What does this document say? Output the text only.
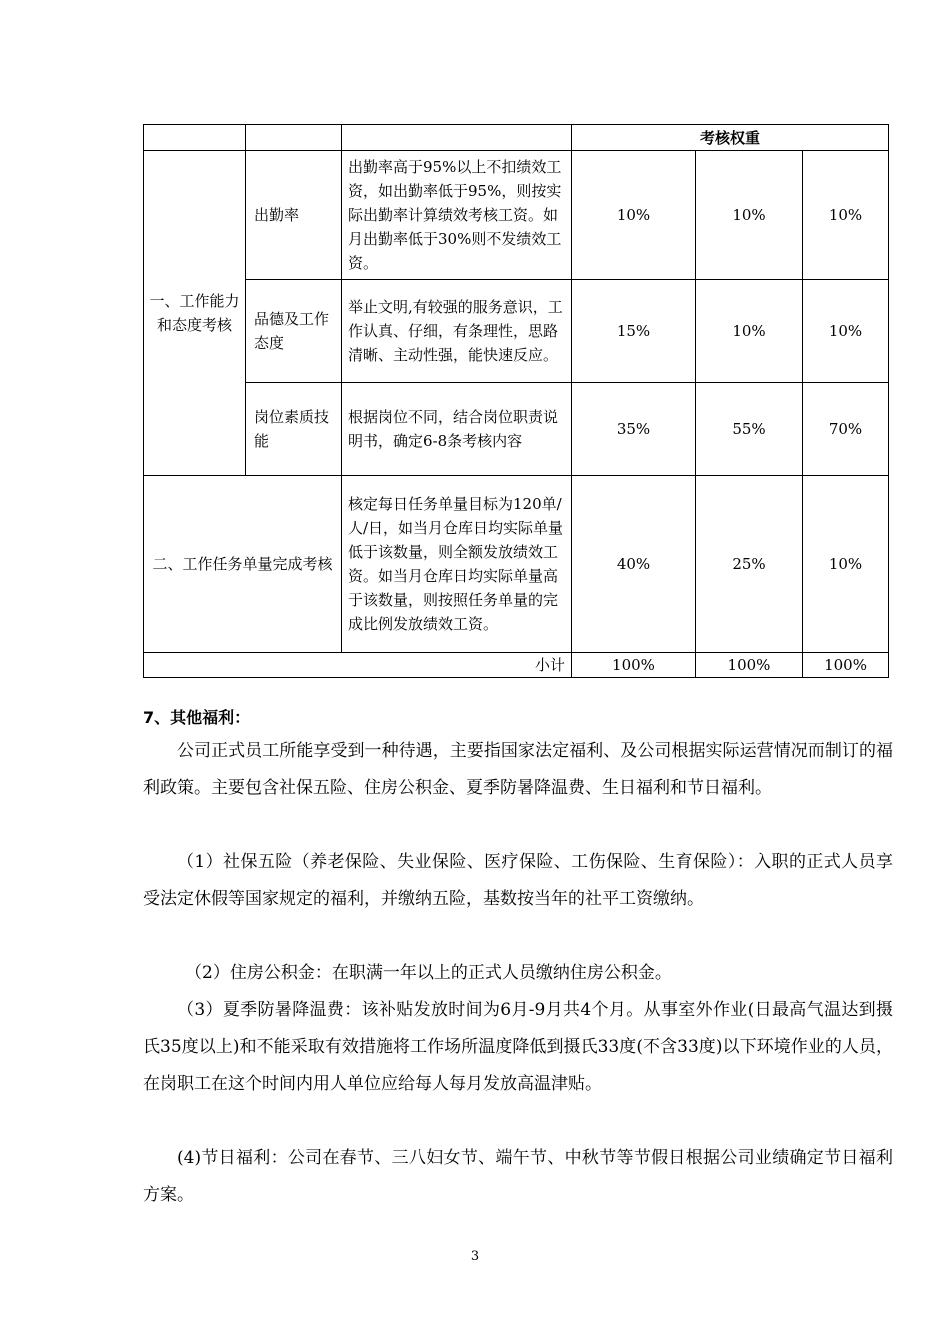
			考核权重		
一、工作能力和态度考核	出勤率	出勤率高于95%以上不扣绩效工资，如出勤率低于95%，则按实际出勤率计算绩效考核工资。如月出勤率低于30%则不发绩效工资。	10%	10%	10%
	品德及工作态度	举止文明,有较强的服务意识，工作认真、仔细，有条理性，思路清晰、主动性强，能快速反应。	15%	10%	10%
	岗位素质技能	根据岗位不同，结合岗位职责说明书，确定6-8条考核内容	35%	55%	70%
二、工作任务单量完成考核		核定每日任务单量目标为120单/人/日，如当月仓库日均实际单量低于该数量，则全额发放绩效工资。如当月仓库日均实际单量高于该数量，则按照任务单量的完成比例发放绩效工资。	40%	25%	10%
小计			100%	100%	100%
7、其他福利：

公司正式员工所能享受到一种待遇，主要指国家法定福利、及公司根据实际运营情况而制订的福利政策。主要包含社保五险、住房公积金、夏季防暑降温费、生日福利和节日福利。

（1）社保五险（养老保险、失业保险、医疗保险、工伤保险、生育保险）：入职的正式人员享受法定休假等国家规定的福利，并缴纳五险，基数按当年的社平工资缴纳。

（2）住房公积金：在职满一年以上的正式人员缴纳住房公积金。

（3）夏季防暑降温费：该补贴发放时间为6月-9月共4个月。从事室外作业(日最高气温达到摄氏35度以上)和不能采取有效措施将工作场所温度降低到摄氏33度(不含33度)以下环境作业的人员，在岗职工在这个时间内用人单位应给每人每月发放高温津贴。

(4)节日福利：公司在春节、三八妇女节、端午节、中秋节等节假日根据公司业绩确定节日福利方案。

3
